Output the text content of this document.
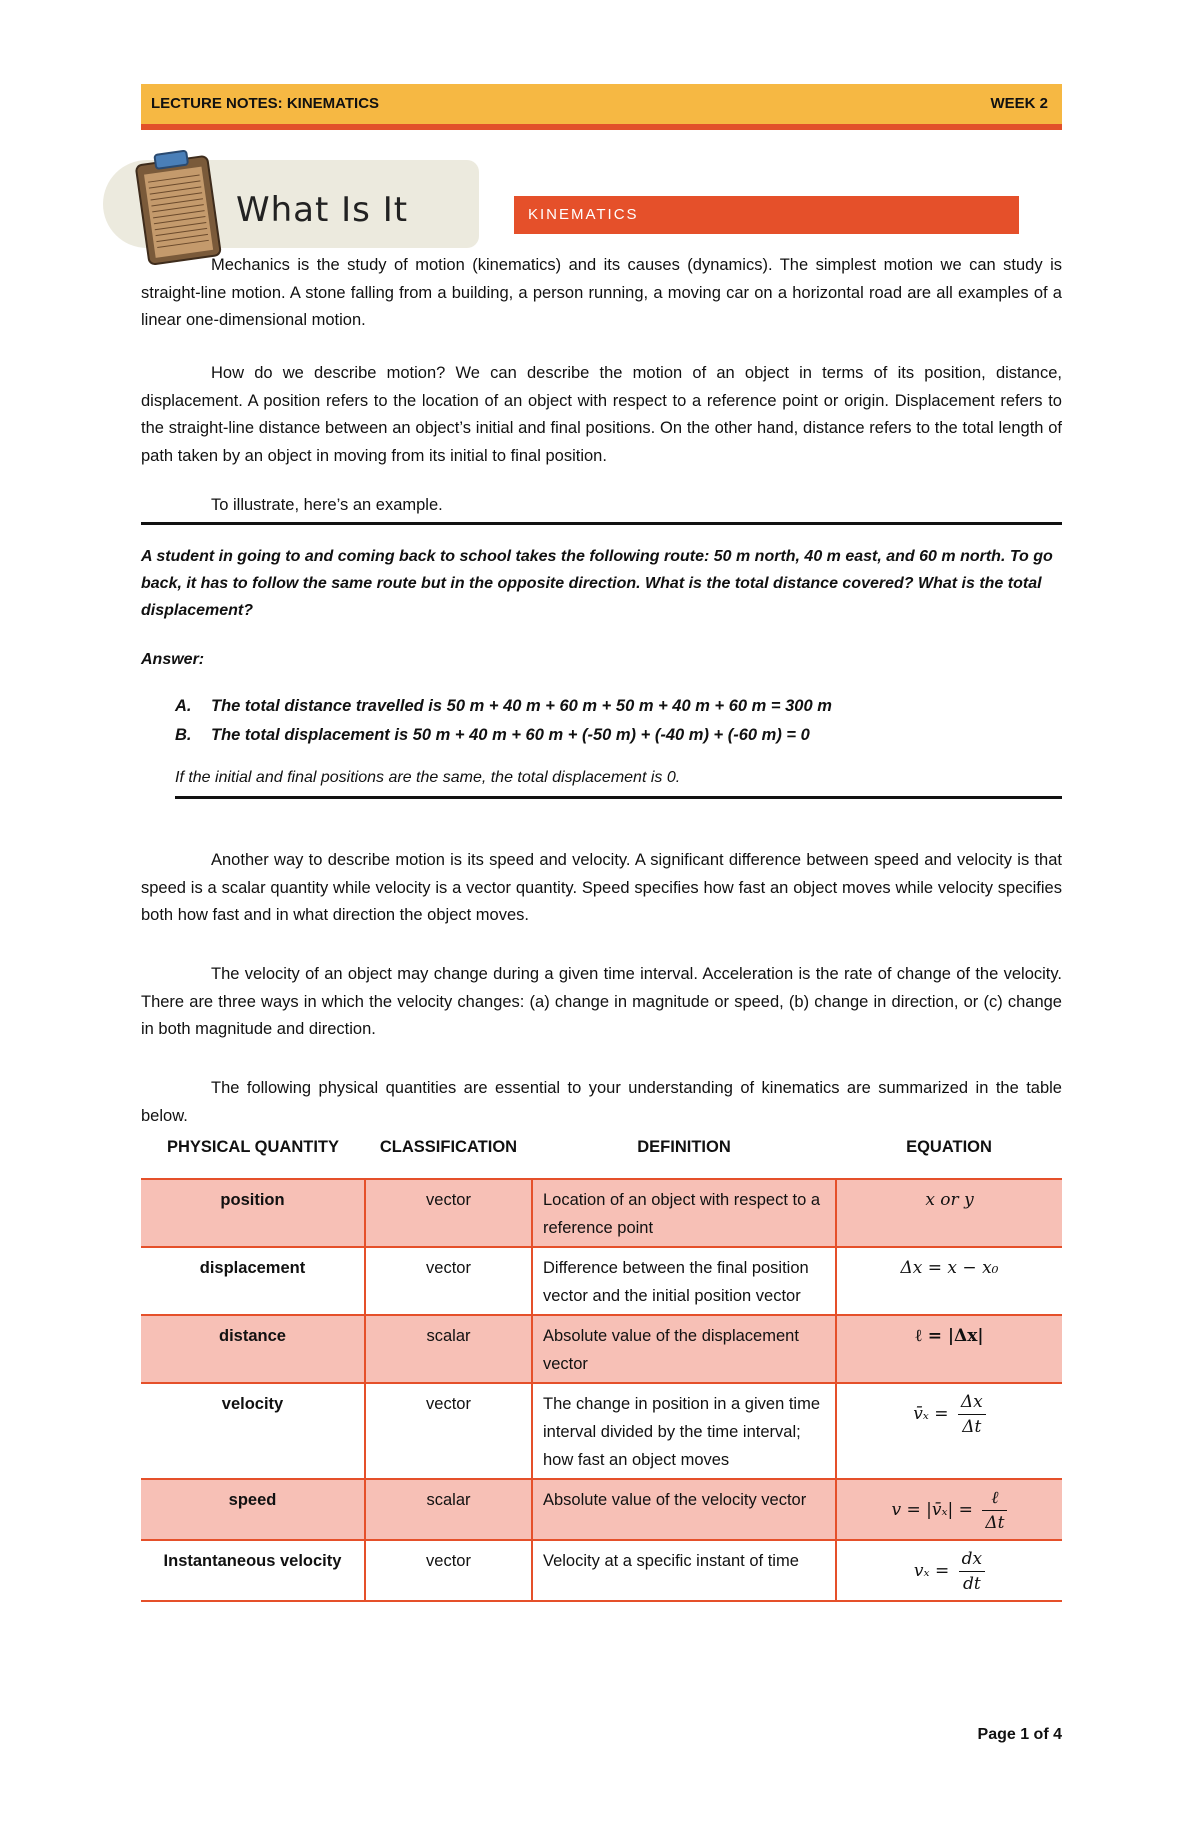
LECTURE NOTES: KINEMATICS	WEEK 2
What Is It	KINEMATICS

Mechanics is the study of motion (kinematics) and its causes (dynamics). The simplest motion we can study is straight-line motion. A stone falling from a building, a person running, a moving car on a horizontal road are all examples of a linear one-dimensional motion.

How do we describe motion? We can describe the motion of an object in terms of its position, distance, displacement. A position refers to the location of an object with respect to a reference point or origin. Displacement refers to the straight-line distance between an object’s initial and final positions. On the other hand, distance refers to the total length of path taken by an object in moving from its initial to final position.

To illustrate, here’s an example.

A student in going to and coming back to school takes the following route: 50 m north, 40 m east, and 60 m north. To go back, it has to follow the same route but in the opposite direction. What is the total distance covered? What is the total displacement?

Answer:
A. The total distance travelled is 50 m + 40 m + 60 m + 50 m + 40 m + 60 m = 300 m
B. The total displacement is 50 m + 40 m + 60 m + (-50 m) + (-40 m) + (-60 m) = 0
If the initial and final positions are the same, the total displacement is 0.

Another way to describe motion is its speed and velocity. A significant difference between speed and velocity is that speed is a scalar quantity while velocity is a vector quantity. Speed specifies how fast an object moves while velocity specifies both how fast and in what direction the object moves.

The velocity of an object may change during a given time interval. Acceleration is the rate of change of the velocity. There are three ways in which the velocity changes: (a) change in magnitude or speed, (b) change in direction, or (c) change in both magnitude and direction.

The following physical quantities are essential to your understanding of kinematics are summarized in the table below.

PHYSICAL QUANTITY	CLASSIFICATION	DEFINITION	EQUATION
position	vector	Location of an object with respect to a reference point	x or y
displacement	vector	Difference between the final position vector and the initial position vector	Δx = x − x₀
distance	scalar	Absolute value of the displacement vector	ℓ = |Δx|
velocity	vector	The change in position in a given time interval divided by the time interval; how fast an object moves	v̄ₓ = $\frac{\Delta x}{\Delta t}$

speed	scalar	Absolute value of the velocity vector	v = |v̄ₓ| = $\frac{\text{ℓ}}{\Delta t}$

Instantaneous velocity	vector	Velocity at a specific instant of time	$v_x = \frac{dx}{dt}$
Page 1 of 4
